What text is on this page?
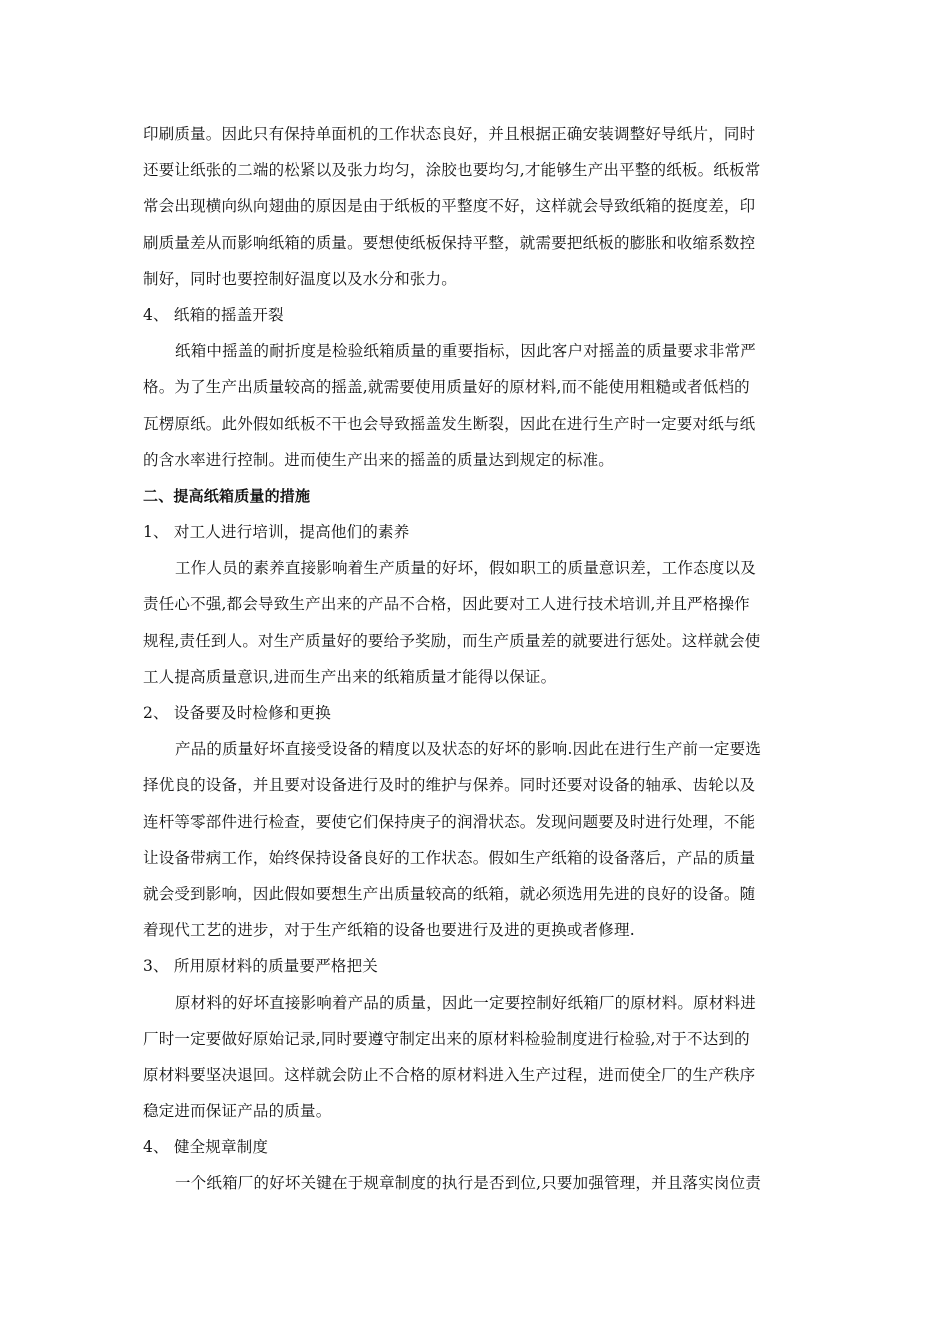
印刷质量。因此只有保持单面机的工作状态良好，并且根据正确安装调整好导纸片，同时
还要让纸张的二端的松紧以及张力均匀，涂胶也要均匀,才能够生产出平整的纸板。纸板常
常会出现横向纵向翅曲的原因是由于纸板的平整度不好，这样就会导致纸箱的挺度差，印
刷质量差从而影响纸箱的质量。要想使纸板保持平整，就需要把纸板的膨胀和收缩系数控
制好，同时也要控制好温度以及水分和张力。
4、 纸箱的摇盖开裂
纸箱中摇盖的耐折度是检验纸箱质量的重要指标，因此客户对摇盖的质量要求非常严
格。为了生产出质量较高的摇盖,就需要使用质量好的原材料,而不能使用粗糙或者低档的
瓦楞原纸。此外假如纸板不干也会导致摇盖发生断裂，因此在进行生产时一定要对纸与纸
的含水率进行控制。进而使生产出来的摇盖的质量达到规定的标准。
二、提高纸箱质量的措施
1、 对工人进行培训，提高他们的素养
工作人员的素养直接影响着生产质量的好坏，假如职工的质量意识差，工作态度以及
责任心不强,都会导致生产出来的产品不合格，因此要对工人进行技术培训,并且严格操作
规程,责任到人。对生产质量好的要给予奖励，而生产质量差的就要进行惩处。这样就会使
工人提高质量意识,进而生产出来的纸箱质量才能得以保证。
2、 设备要及时检修和更换
产品的质量好坏直接受设备的精度以及状态的好坏的影响.因此在进行生产前一定要选
择优良的设备，并且要对设备进行及时的维护与保养。同时还要对设备的轴承、齿轮以及
连杆等零部件进行检查，要使它们保持庚子的润滑状态。发现问题要及时进行处理，不能
让设备带病工作，始终保持设备良好的工作状态。假如生产纸箱的设备落后，产品的质量
就会受到影响，因此假如要想生产出质量较高的纸箱，就必须选用先进的良好的设备。随
着现代工艺的进步，对于生产纸箱的设备也要进行及进的更换或者修理.
3、 所用原材料的质量要严格把关
原材料的好坏直接影响着产品的质量，因此一定要控制好纸箱厂的原材料。原材料进
厂时一定要做好原始记录,同时要遵守制定出来的原材料检验制度进行检验,对于不达到的
原材料要坚决退回。这样就会防止不合格的原材料进入生产过程，进而使全厂的生产秩序
稳定进而保证产品的质量。
4、 健全规章制度
一个纸箱厂的好坏关键在于规章制度的执行是否到位,只要加强管理，并且落实岗位责
